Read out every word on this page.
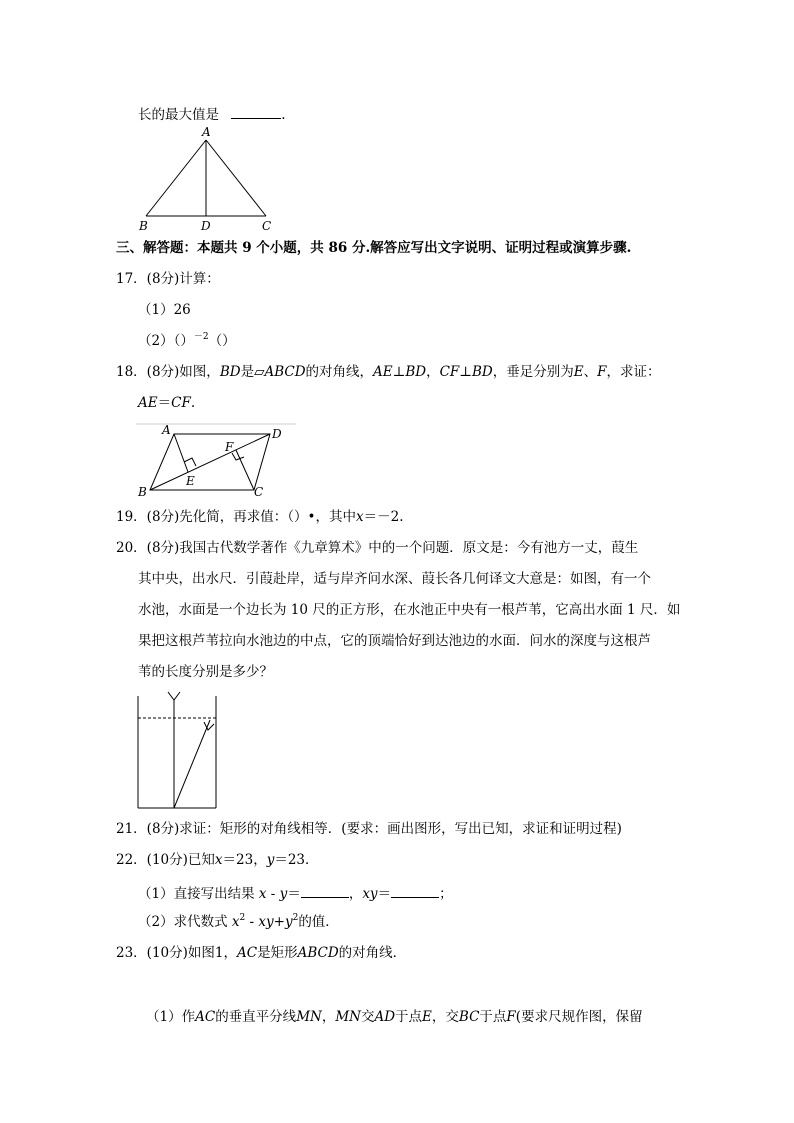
长的最大值是	.
A
B	D	C
三、解答题：本题共 9 个小题，共 86 分.解答应写出文字说明、证明过程或演算步骤.
17．(8分)计算：
（1）26
（2）（）$^{-2}$（）
18．(8分)如图，BD是▱ABCD的对角线，AE⊥BD，CF⊥BD，垂足分别为E、F，求证：
AE＝CF.
A	D
B	C
E
F
19．(8分)先化简，再求值：（）•，其中x＝－2.
20．(8分)我国古代数学著作《九章算术》中的一个问题．原文是：今有池方一丈，葭生
其中央，出水尺．引葭赴岸，适与岸齐问水深、葭长各几何译文大意是：如图，有一个
水池，水面是一个边长为 10 尺的正方形，在水池正中央有一根芦苇，它高出水面 1 尺．如
果把这根芦苇拉向水池边的中点，它的顶端恰好到达池边的水面．问水的深度与这根芦
苇的长度分别是多少？
21．(8分)求证：矩形的对角线相等．(要求：画出图形，写出已知，求证和证明过程)
22．(10分)已知x＝23，y＝23．
（1）直接写出结果 x - y＝	，xy＝	；
（2）求代数式 $x^2 - xy+y^2$的值．
23．(10分)如图1，AC是矩形ABCD的对角线．
（1）作AC的垂直平分线MN，MN交AD于点E，交BC于点F(要求尺规作图，保留
